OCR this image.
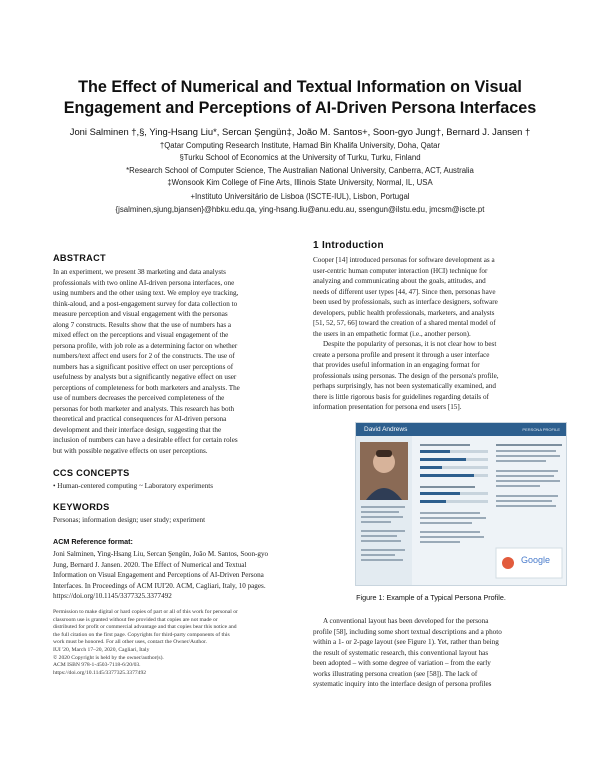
The Effect of Numerical and Textual Information on Visual
Engagement and Perceptions of AI-Driven Persona Interfaces
Joni Salminen †,§, Ying-Hsang Liu*, Sercan Şengün‡, João M. Santos+, Soon-gyo Jung†, Bernard J. Jansen †
†Qatar Computing Research Institute, Hamad Bin Khalifa University, Doha, Qatar
§Turku School of Economics at the University of Turku, Turku, Finland
*Research School of Computer Science, The Australian National University, Canberra, ACT, Australia
‡Wonsook Kim College of Fine Arts, Illinois State University, Normal, IL, USA
+Instituto Universitário de Lisboa (ISCTE-IUL), Lisbon, Portugal
{jsalminen,sjung,bjansen}@hbku.edu.qa, ying-hsang.liu@anu.edu.au, ssengun@ilstu.edu, jmcsm@iscte.pt
ABSTRACT
In an experiment, we present 38 marketing and data analysts
professionals with two online AI-driven persona interfaces, one
using numbers and the other using text. We employ eye tracking,
think-aloud, and a post-engagement survey for data collection to
measure perception and visual engagement with the personas
along 7 constructs. Results show that the use of numbers has a
mixed effect on the perceptions and visual engagement of the
persona profile, with job role as a determining factor on whether
numbers/text affect end users for 2 of the constructs. The use of
numbers has a significant positive effect on user perceptions of
usefulness by analysts but a significantly negative effect on user
perceptions of completeness for both marketers and analysts. The
use of numbers decreases the perceived completeness of the
personas for both marketer and analysts. This research has both
theoretical and practical consequences for AI-driven persona
development and their interface design, suggesting that the
inclusion of numbers can have a desirable effect for certain roles
but with possible negative effects on user perceptions.
CCS CONCEPTS
• Human-centered computing ~ Laboratory experiments
KEYWORDS
Personas; information design; user study; experiment
ACM Reference format:
Joni Salminen, Ying-Hsang Liu, Sercan Şengün, João M. Santos, Soon-gyo
Jung, Bernard J. Jansen. 2020. The Effect of Numerical and Textual
Information on Visual Engagement and Perceptions of AI-Driven Persona
Interfaces. In Proceedings of ACM IUI'20. ACM, Cagliari, Italy, 10 pages.
https://doi.org/10.1145/3377325.3377492
Permission to make digital or hard copies of part or all of this work for personal or
classroom use is granted without fee provided that copies are not made or
distributed for profit or commercial advantage and that copies bear this notice and
the full citation on the first page. Copyrights for third-party components of this
work must be honored. For all other uses, contact the Owner/Author.
IUI '20, March 17–20, 2020, Cagliari, Italy
© 2020 Copyright is held by the owner/author(s).
ACM ISBN 978-1-4503-7118-6/20/03.
https://doi.org/10.1145/3377325.3377492
1 Introduction
Cooper [14] introduced personas for software development as a
user-centric human computer interaction (HCI) technique for
analyzing and communicating about the goals, attitudes, and
needs of different user types [44, 47]. Since then, personas have
been used by professionals, such as interface designers, software
developers, public health professionals, marketers, and analysts
[51, 52, 57, 66] toward the creation of a shared mental model of
the users in an empathetic format (i.e., another person).
Despite the popularity of personas, it is not clear how to best
create a persona profile and present it through a user interface
that provides useful information in an engaging format for
professionals using personas. The design of the persona's profile,
perhaps surprisingly, has not been systematically examined, and
there is little rigorous basis for guidelines regarding details of
information presentation for persona end users [15].
David Andrews	PERSONA PROFILE
Google
Figure 1: Example of a Typical Persona Profile.
A conventional layout has been developed for the persona
profile [58], including some short textual descriptions and a photo
within a 1- or 2-page layout (see Figure 1). Yet, rather than being
the result of systematic research, this conventional layout has
been adopted – with some degree of variation – from the early
works illustrating persona creation (see [58]). The lack of
systematic inquiry into the interface design of persona profiles
